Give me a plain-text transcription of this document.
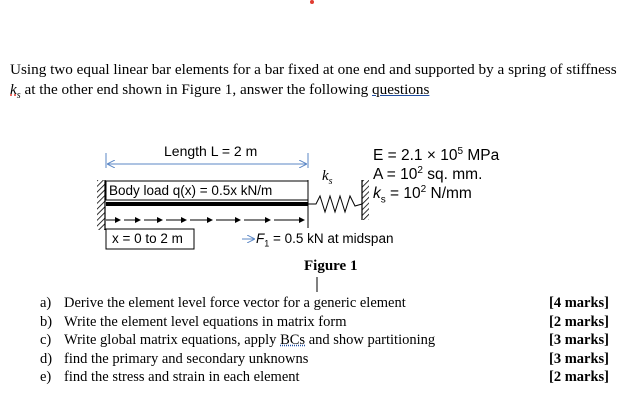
Using two equal linear bar elements for a bar fixed at one end and supported by a spring of stiffness $k_s$ at the other end shown in Figure 1, answer the following questions
Length L = 2 m
$k_s$
Body load q(x) = 0.5x kN/m
x = 0 to 2 m	$F_1 = 0.5$ kN at midspan
$E = 2.1 \times 10^5$ MPa
$A = 10^2$ sq. mm.
$k_s = 10^2$ N/mm
Figure 1
a) Derive the element level force vector for a generic element
b) Write the element level equations in matrix form
c) Write global matrix equations, apply BCs and show partitioning
d) find the primary and secondary unknowns
e) find the stress and strain in each element
[4 marks]
[2 marks]
[3 marks]
[3 marks]
[2 marks]
